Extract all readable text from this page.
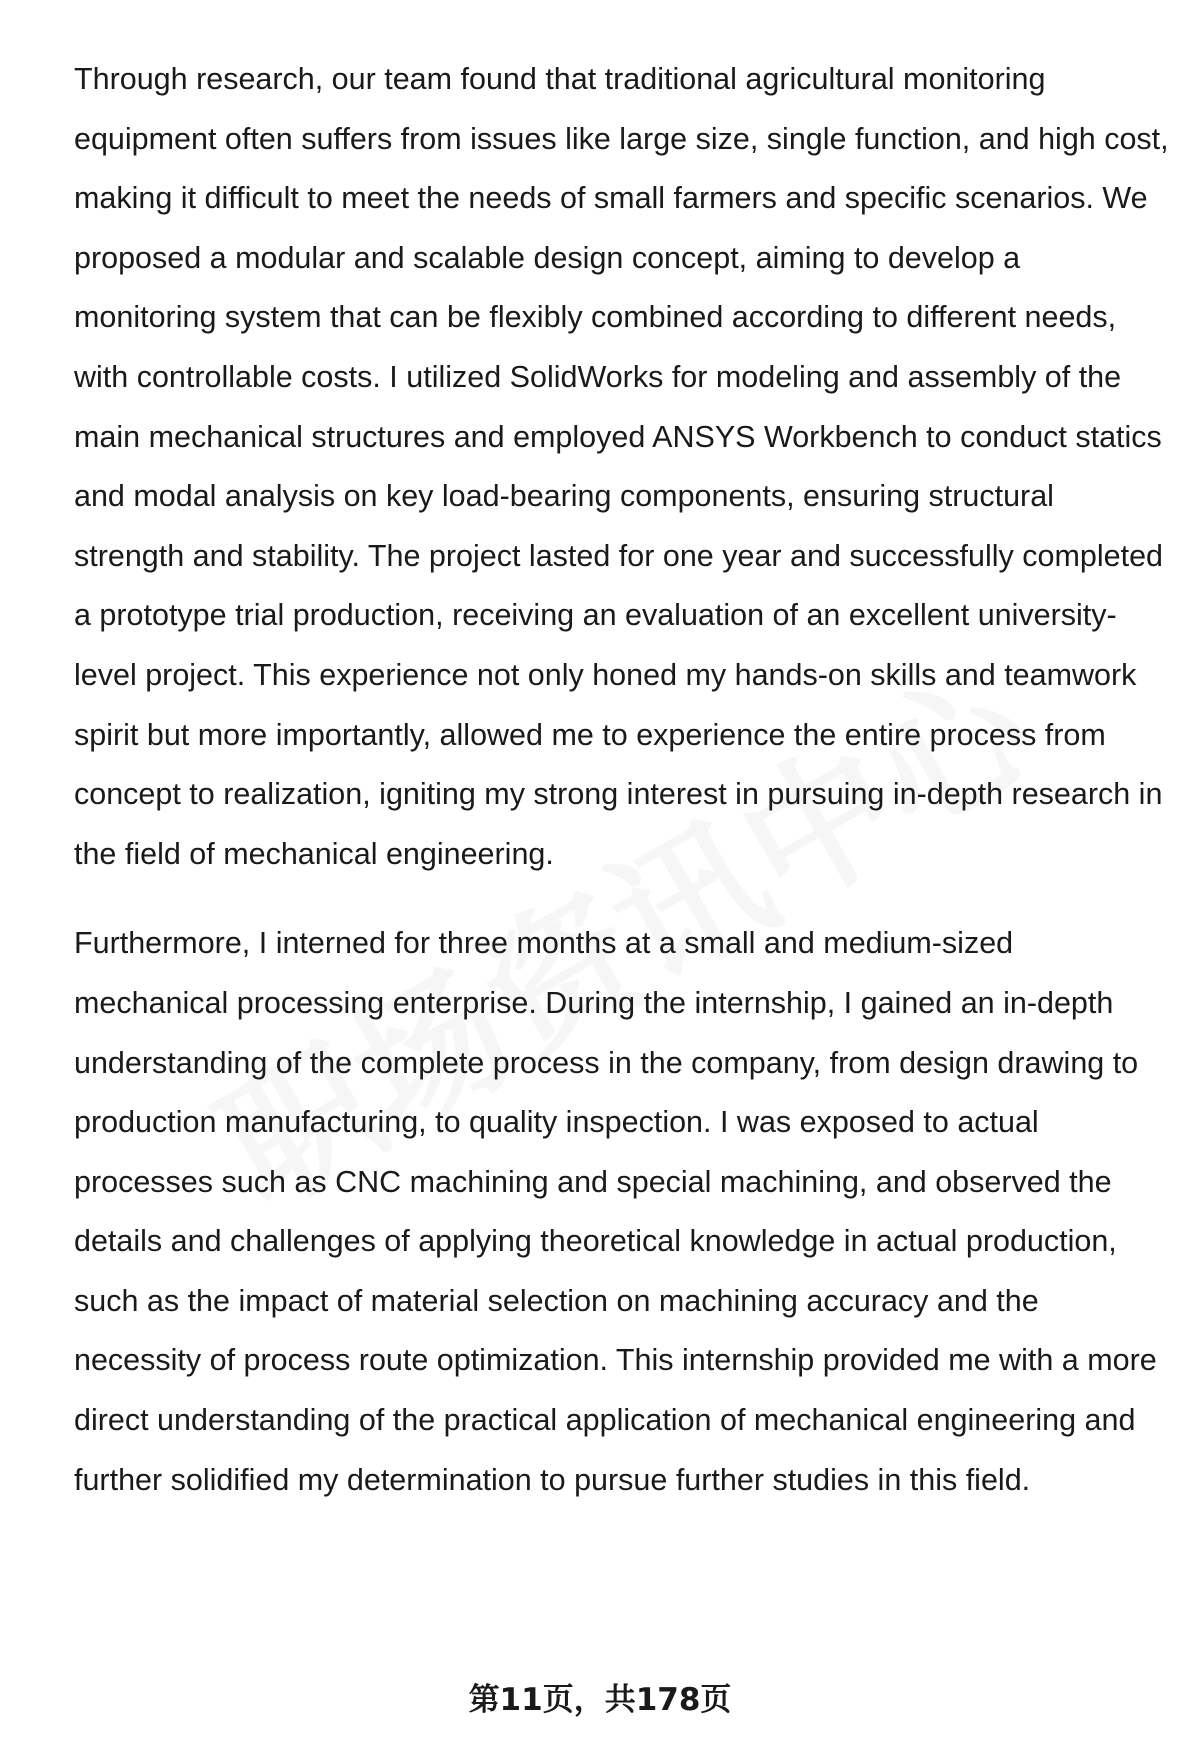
Through research, our team found that traditional agricultural monitoring equipment often suffers from issues like large size, single function, and high cost, making it difficult to meet the needs of small farmers and specific scenarios. We proposed a modular and scalable design concept, aiming to develop a monitoring system that can be flexibly combined according to different needs, with controllable costs. I utilized SolidWorks for modeling and assembly of the main mechanical structures and employed ANSYS Workbench to conduct statics and modal analysis on key load-bearing components, ensuring structural strength and stability. The project lasted for one year and successfully completed a prototype trial production, receiving an evaluation of an excellent university-level project. This experience not only honed my hands-on skills and teamwork spirit but more importantly, allowed me to experience the entire process from concept to realization, igniting my strong interest in pursuing in-depth research in the field of mechanical engineering.

Furthermore, I interned for three months at a small and medium-sized mechanical processing enterprise. During the internship, I gained an in-depth understanding of the complete process in the company, from design drawing to production manufacturing, to quality inspection. I was exposed to actual processes such as CNC machining and special machining, and observed the details and challenges of applying theoretical knowledge in actual production, such as the impact of material selection on machining accuracy and the necessity of process route optimization. This internship provided me with a more direct understanding of the practical application of mechanical engineering and further solidified my determination to pursue further studies in this field.

第11页，共178页
